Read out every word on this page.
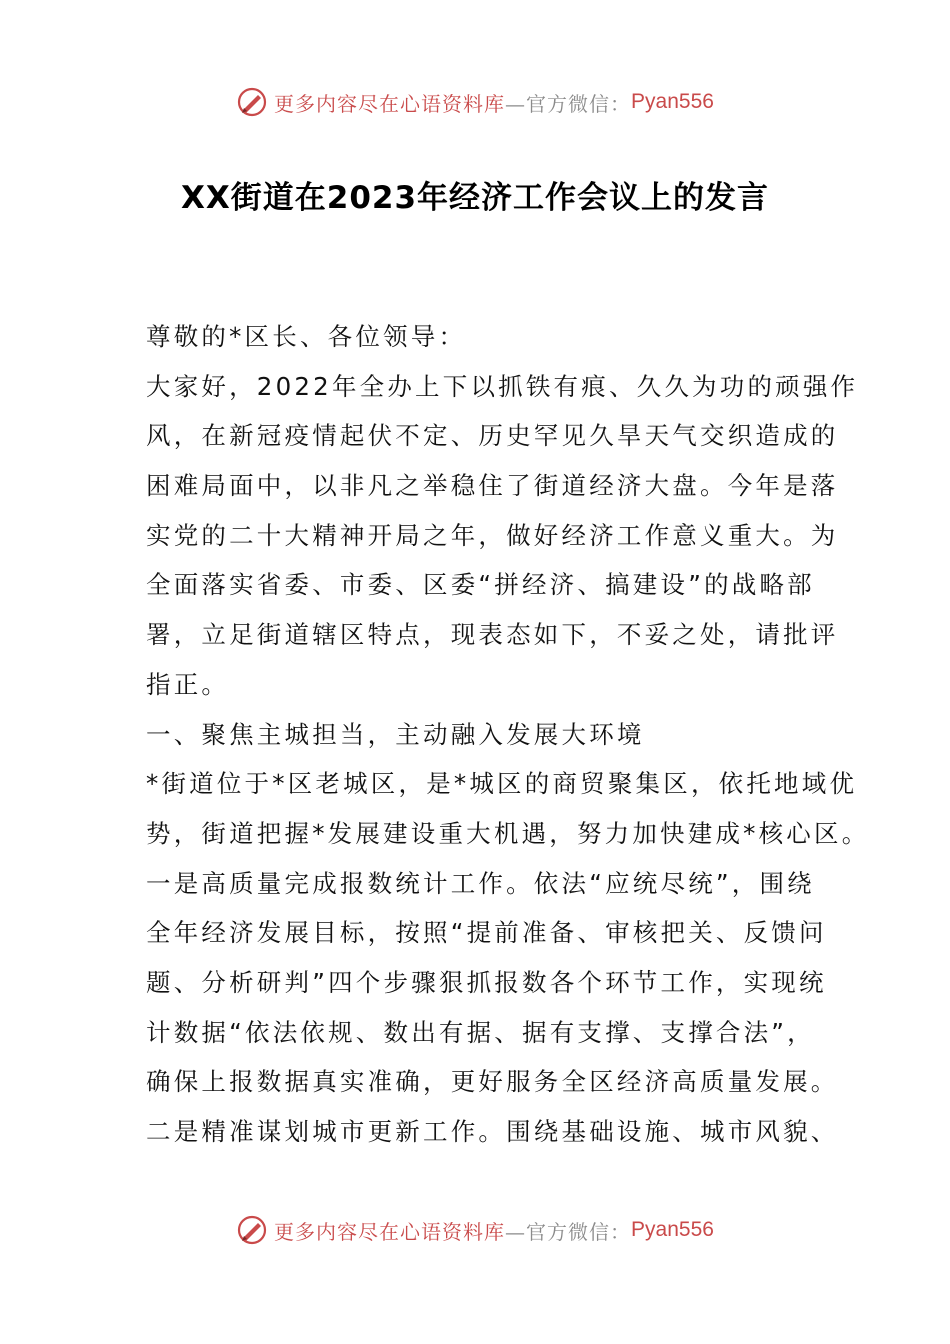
更多内容尽在心语资料库 —官方微信： Pyan556
XX街道在2023年经济工作会议上的发言
尊敬的*区长、各位领导：
大家好，2022年全办上下以抓铁有痕、久久为功的顽强作
风，在新冠疫情起伏不定、历史罕见久旱天气交织造成的
困难局面中，以非凡之举稳住了街道经济大盘。今年是落
实党的二十大精神开局之年，做好经济工作意义重大。为
全面落实省委、市委、区委“拼经济、搞建设”的战略部
署，立足街道辖区特点，现表态如下，不妥之处，请批评
指正。
一、聚焦主城担当，主动融入发展大环境
*街道位于*区老城区，是*城区的商贸聚集区，依托地域优
势，街道把握*发展建设重大机遇，努力加快建成*核心区。
一是高质量完成报数统计工作。依法“应统尽统”，围绕
全年经济发展目标，按照“提前准备、审核把关、反馈问
题、分析研判”四个步骤狠抓报数各个环节工作，实现统
计数据“依法依规、数出有据、据有支撑、支撑合法”，
确保上报数据真实准确，更好服务全区经济高质量发展。
二是精准谋划城市更新工作。围绕基础设施、城市风貌、
更多内容尽在心语资料库 —官方微信： Pyan556
